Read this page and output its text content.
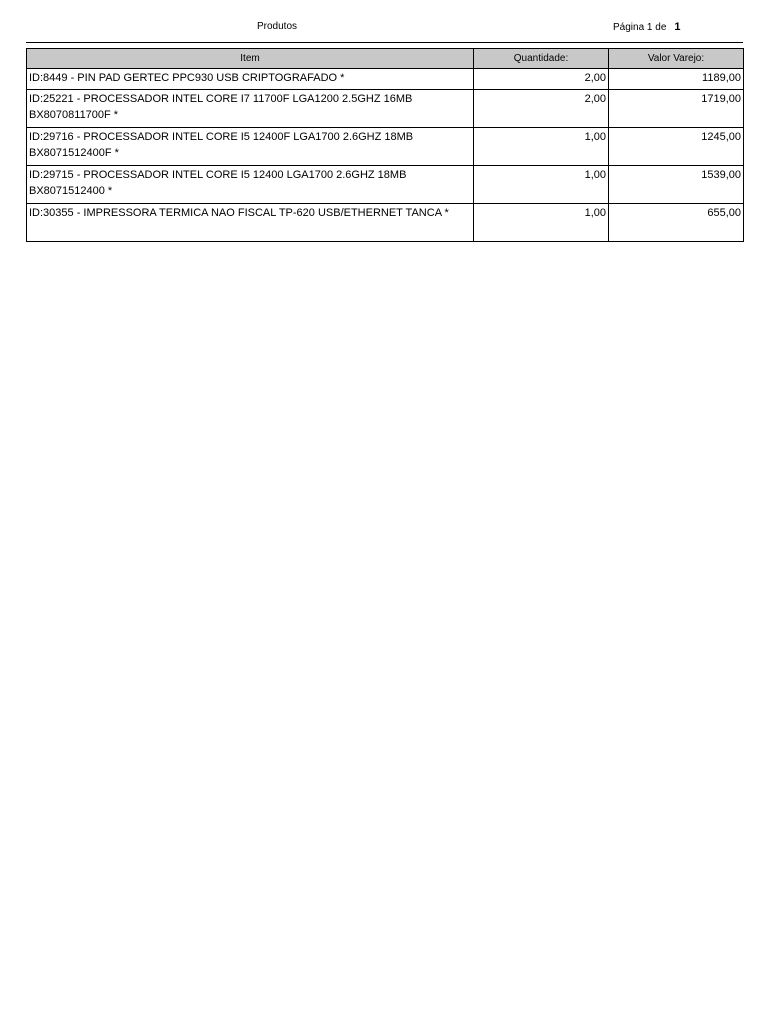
Produtos	Página 1 de 1
Item	Quantidade:	Valor Varejo:
ID:8449 - PIN PAD GERTEC PPC930 USB CRIPTOGRAFADO *	2,00	1189,00
ID:25221 - PROCESSADOR INTEL CORE I7 11700F LGA1200 2.5GHZ 16MB BX8070811700F *	2,00	1719,00
ID:29716 - PROCESSADOR INTEL CORE I5 12400F LGA1700 2.6GHZ 18MB BX8071512400F *	1,00	1245,00
ID:29715 - PROCESSADOR INTEL CORE I5 12400 LGA1700 2.6GHZ 18MB BX8071512400 *	1,00	1539,00
ID:30355 - IMPRESSORA TERMICA NAO FISCAL TP-620 USB/ETHERNET TANCA *	1,00	655,00
